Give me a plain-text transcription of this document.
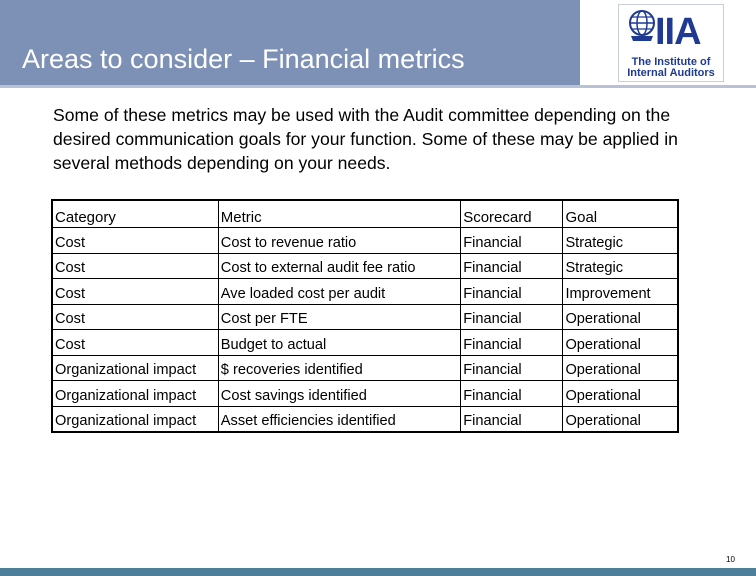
Areas to consider – Financial metrics
IIA
The Institute of
Internal Auditors
Some of these metrics may be used with the Audit committee depending on the desired communication goals for your function. Some of these may be applied in several methods depending on your needs.
Category	Metric	Scorecard	Goal
Cost	Cost to revenue ratio	Financial	Strategic
Cost	Cost to external audit fee ratio	Financial	Strategic
Cost	Ave loaded cost per audit	Financial	Improvement
Cost	Cost per FTE	Financial	Operational
Cost	Budget to actual	Financial	Operational
Organizational impact	$ recoveries identified	Financial	Operational
Organizational impact	Cost savings identified	Financial	Operational
Organizational impact	Asset efficiencies identified	Financial	Operational
10
